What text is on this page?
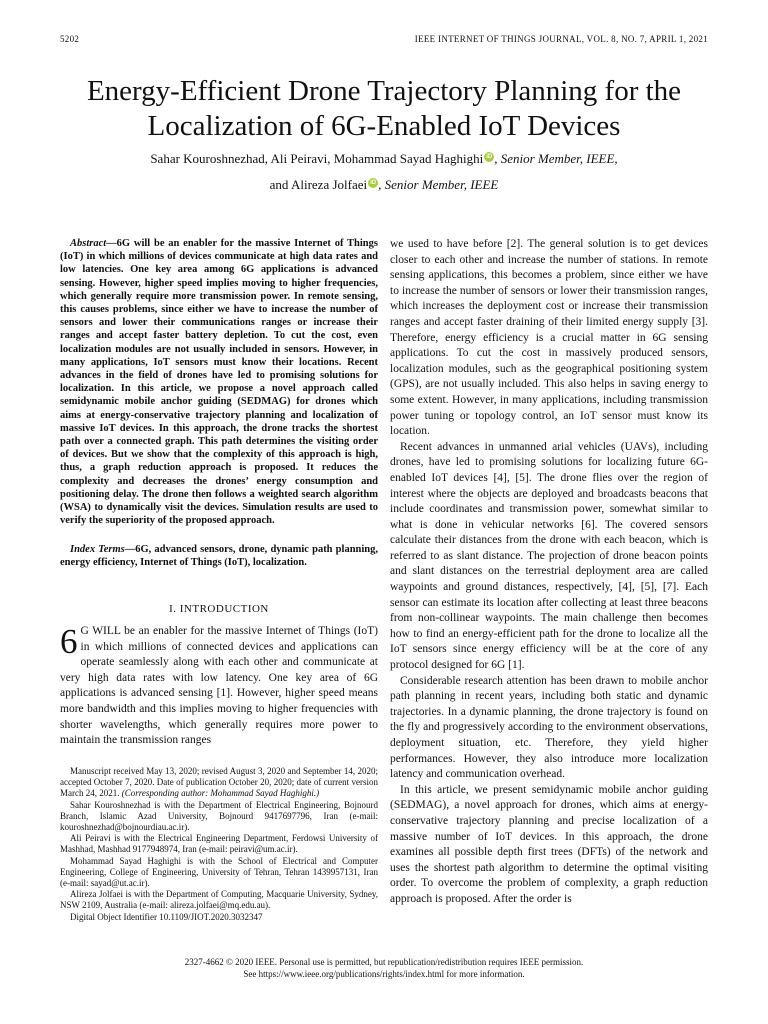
5202	IEEE INTERNET OF THINGS JOURNAL, VOL. 8, NO. 7, APRIL 1, 2021
Energy-Efficient Drone Trajectory Planning for the Localization of 6G-Enabled IoT Devices
Sahar Kouroshnezhad, Ali Peiravi, Mohammad Sayad Haghighi iD , Senior Member, IEEE,
and Alireza Jolfaei iD , Senior Member, IEEE
Abstract—6G will be an enabler for the massive Internet of Things (IoT) in which millions of devices communicate at high data rates and low latencies. One key area among 6G applications is advanced sensing. However, higher speed implies moving to higher frequencies, which generally require more transmission power. In remote sensing, this causes problems, since either we have to increase the number of sensors and lower their communications ranges or increase their ranges and accept faster battery depletion. To cut the cost, even localization modules are not usually included in sensors. However, in many applications, IoT sensors must know their locations. Recent advances in the field of drones have led to promising solutions for localization. In this article, we propose a novel approach called semidynamic mobile anchor guiding (SEDMAG) for drones which aims at energy-conservative trajectory planning and localization of massive IoT devices. In this approach, the drone tracks the shortest path over a connected graph. This path determines the visiting order of devices. But we show that the complexity of this approach is high, thus, a graph reduction approach is proposed. It reduces the complexity and decreases the drones’ energy consumption and positioning delay. The drone then follows a weighted search algorithm (WSA) to dynamically visit the devices. Simulation results are used to verify the superiority of the proposed approach.
Index Terms—6G, advanced sensors, drone, dynamic path planning, energy efficiency, Internet of Things (IoT), localization.
I. INTRODUCTION

6 G WILL be an enabler for the massive Internet of Things (IoT) in which millions of connected devices and applications can operate seamlessly along with each other and communicate at very high data rates with low latency. One key area of 6G applications is advanced sensing [1]. However, higher speed means more bandwidth and this implies moving to higher frequencies with shorter wavelengths, which generally requires more power to maintain the transmission ranges

Manuscript received May 13, 2020; revised August 3, 2020 and September 14, 2020; accepted October 7, 2020. Date of publication October 20, 2020; date of current version March 24, 2021. (Corresponding author: Mohammad Sayad Haghighi.)

Sahar Kouroshnezhad is with the Department of Electrical Engineering, Bojnourd Branch, Islamic Azad University, Bojnourd 9417697796, Iran (e-mail: kouroshnezhad@bojnourdiau.ac.ir).

Ali Peiravi is with the Electrical Engineering Department, Ferdowsi University of Mashhad, Mashhad 9177948974, Iran (e-mail: peiravi@um.ac.ir).

Mohammad Sayad Haghighi is with the School of Electrical and Computer Engineering, College of Engineering, University of Tehran, Tehran 1439957131, Iran (e-mail: sayad@ut.ac.ir).

Alireza Jolfaei is with the Department of Computing, Macquarie University, Sydney, NSW 2109, Australia (e-mail: alireza.jolfaei@mq.edu.au).

Digital Object Identifier 10.1109/JIOT.2020.3032347

we used to have before [2]. The general solution is to get devices closer to each other and increase the number of stations. In remote sensing applications, this becomes a problem, since either we have to increase the number of sensors or lower their transmission ranges, which increases the deployment cost or increase their transmission ranges and accept faster draining of their limited energy supply [3]. Therefore, energy efficiency is a crucial matter in 6G sensing applications. To cut the cost in massively produced sensors, localization modules, such as the geographical positioning system (GPS), are not usually included. This also helps in saving energy to some extent. However, in many applications, including transmission power tuning or topology control, an IoT sensor must know its location.

Recent advances in unmanned arial vehicles (UAVs), including drones, have led to promising solutions for localizing future 6G-enabled IoT devices [4], [5]. The drone flies over the region of interest where the objects are deployed and broadcasts beacons that include coordinates and transmission power, somewhat similar to what is done in vehicular networks [6]. The covered sensors calculate their distances from the drone with each beacon, which is referred to as slant distance. The projection of drone beacon points and slant distances on the terrestrial deployment area are called waypoints and ground distances, respectively, [4], [5], [7]. Each sensor can estimate its location after collecting at least three beacons from non-collinear waypoints. The main challenge then becomes how to find an energy-efficient path for the drone to localize all the IoT sensors since energy efficiency will be at the core of any protocol designed for 6G [1].

Considerable research attention has been drawn to mobile anchor path planning in recent years, including both static and dynamic trajectories. In a dynamic planning, the drone trajectory is found on the fly and progressively according to the environment observations, deployment situation, etc. Therefore, they yield higher performances. However, they also introduce more localization latency and communication overhead.

In this article, we present semidynamic mobile anchor guiding (SEDMAG), a novel approach for drones, which aims at energy-conservative trajectory planning and precise localization of a massive number of IoT devices. In this approach, the drone examines all possible depth first trees (DFTs) of the network and uses the shortest path algorithm to determine the optimal visiting order. To overcome the problem of complexity, a graph reduction approach is proposed. After the order is

2327-4662 © 2020 IEEE. Personal use is permitted, but republication/redistribution requires IEEE permission.
See https://www.ieee.org/publications/rights/index.html for more information.
